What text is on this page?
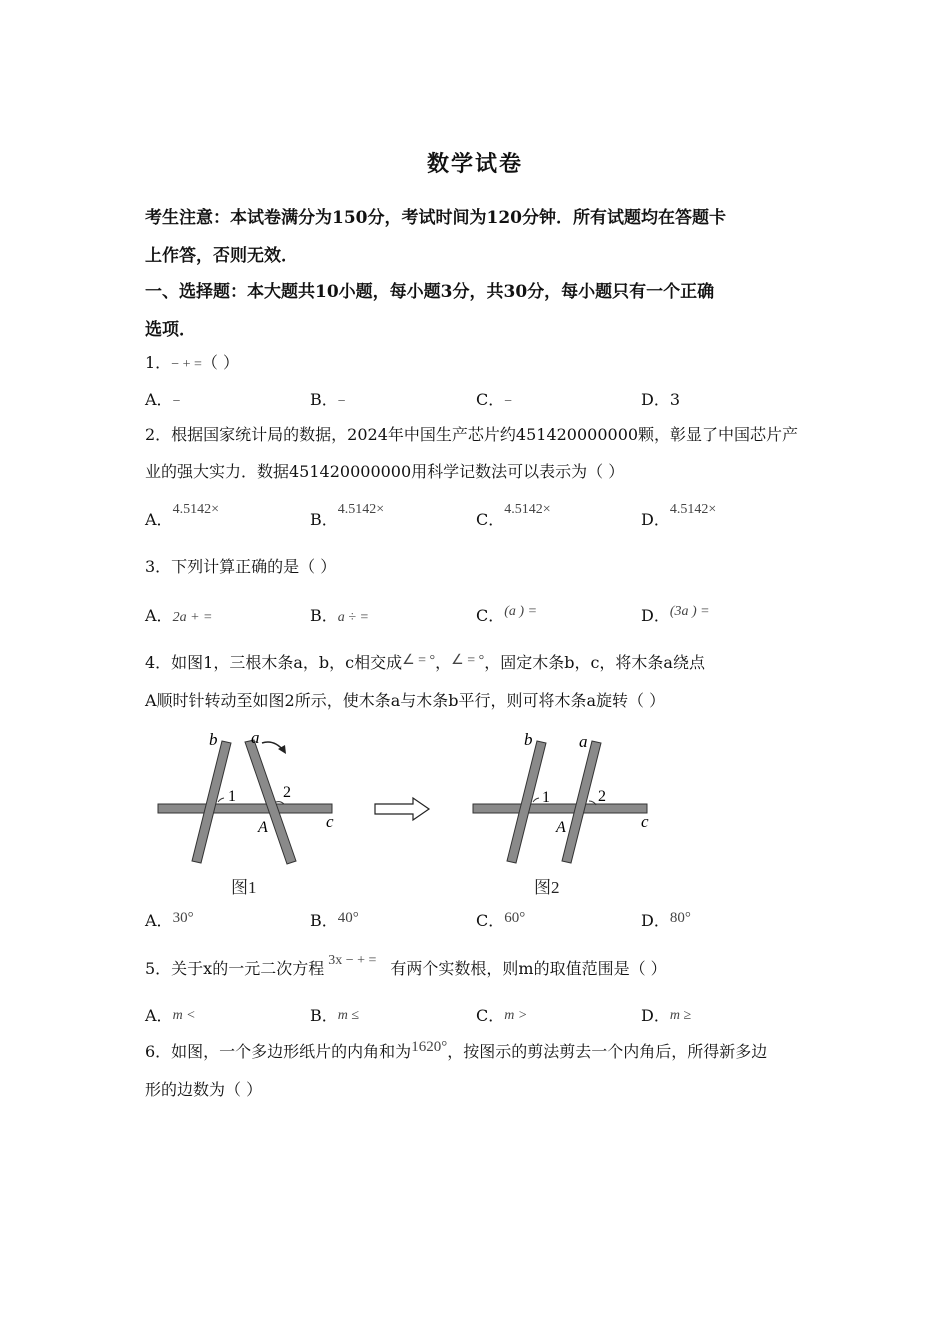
数学试卷
考生注意：本试卷满分为150分，考试时间为120分钟．所有试题均在答题卡
上作答，否则无效．
一、选择题：本大题共10小题，每小题3分，共30分，每小题只有一个正确
选项．
1．− + =（ ）
A．−	B．−	C．−	D．3
2．根据国家统计局的数据，2024年中国生产芯片约451420000000颗，彰显了中国芯片产
业的强大实力．数据451420000000用科学记数法可以表示为（ ）
A．4.5142×
B．4.5142×
C．4.5142×
D．4.5142×
3．下列计算正确的是（ ）
A．2a + =	B．a ÷ =	C．(a ) =	D．(3a ) =
4．如图1，三根木条a，b，c相交成∠ = °，∠ = °，固定木条b，c，将木条a绕点
A顺时针转动至如图2所示，使木条a与木条b平行，则可将木条a旋转（ ）
b a
1	2
A	c
图1
b	a
1	2
A	c
图2
A．30°	B．40°	C．60°	D．80°
5．关于x的一元二次方程 3x − + = 有两个实数根，则m的取值范围是（ ）
A．m <	B．m ≤	C．m >	D．m ≥
6．如图，一个多边形纸片的内角和为1620°，按图示的剪法剪去一个内角后，所得新多边
形的边数为（ ）
